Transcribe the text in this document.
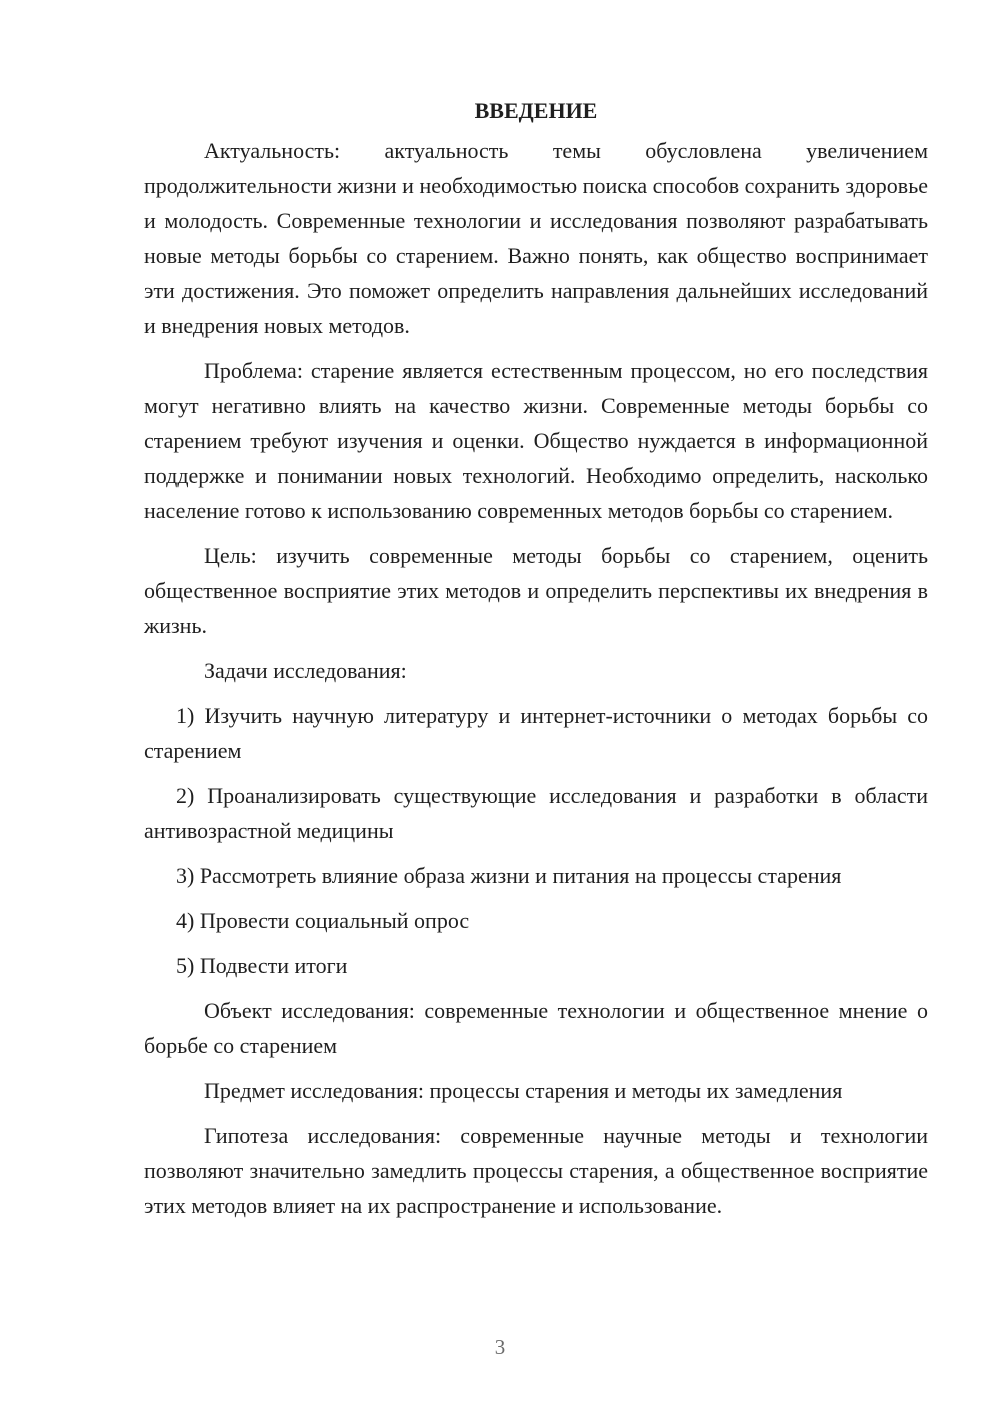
ВВЕДЕНИЕ

Актуальность: актуальность темы обусловлена увеличением продолжительности жизни и необходимостью поиска способов сохранить здоровье и молодость. Современные технологии и исследования позволяют разрабатывать новые методы борьбы со старением. Важно понять, как общество воспринимает эти достижения. Это поможет определить направления дальнейших исследований и внедрения новых методов.

Проблема: старение является естественным процессом, но его последствия могут негативно влиять на качество жизни. Современные методы борьбы со старением требуют изучения и оценки. Общество нуждается в информационной поддержке и понимании новых технологий. Необходимо определить, насколько население готово к использованию современных методов борьбы со старением.

Цель: изучить современные методы борьбы со старением, оценить общественное восприятие этих методов и определить перспективы их внедрения в жизнь.

Задачи исследования:

1) Изучить научную литературу и интернет-источники о методах борьбы со старением

2) Проанализировать существующие исследования и разработки в области антивозрастной медицины

3) Рассмотреть влияние образа жизни и питания на процессы старения

4) Провести социальный опрос

5) Подвести итоги

Объект исследования: современные технологии и общественное мнение о борьбе со старением

Предмет исследования: процессы старения и методы их замедления

Гипотеза исследования: современные научные методы и технологии позволяют значительно замедлить процессы старения, а общественное восприятие этих методов влияет на их распространение и использование.

3
